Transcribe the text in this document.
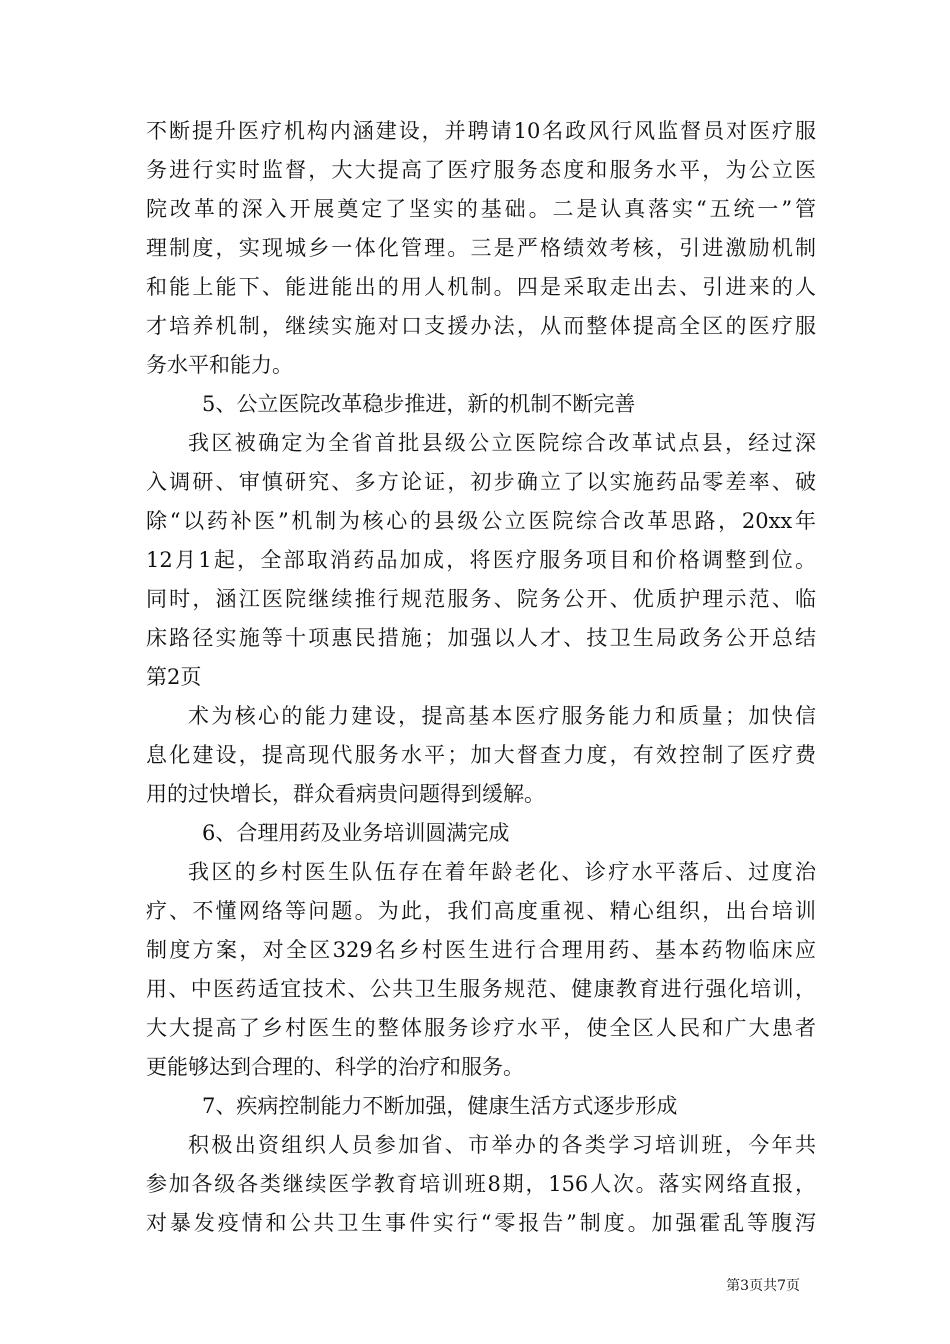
不断提升医疗机构内涵建设，并聘请10名政风行风监督员对医疗服
务进行实时监督，大大提高了医疗服务态度和服务水平，为公立医
院改革的深入开展奠定了坚实的基础。二是认真落实“五统一”管
理制度，实现城乡一体化管理。三是严格绩效考核，引进激励机制
和能上能下、能进能出的用人机制。四是采取走出去、引进来的人
才培养机制，继续实施对口支援办法，从而整体提高全区的医疗服
务水平和能力。
5、公立医院改革稳步推进，新的机制不断完善
我区被确定为全省首批县级公立医院综合改革试点县，经过深
入调研、审慎研究、多方论证，初步确立了以实施药品零差率、破
除“以药补医”机制为核心的县级公立医院综合改革思路，20xx年
12月1起，全部取消药品加成，将医疗服务项目和价格调整到位。
同时，涵江医院继续推行规范服务、院务公开、优质护理示范、临
床路径实施等十项惠民措施；加强以人才、技卫生局政务公开总结
第2页
术为核心的能力建设，提高基本医疗服务能力和质量；加快信
息化建设，提高现代服务水平；加大督查力度，有效控制了医疗费
用的过快增长，群众看病贵问题得到缓解。
6、合理用药及业务培训圆满完成
我区的乡村医生队伍存在着年龄老化、诊疗水平落后、过度治
疗、不懂网络等问题。为此，我们高度重视、精心组织，出台培训
制度方案，对全区329名乡村医生进行合理用药、基本药物临床应
用、中医药适宜技术、公共卫生服务规范、健康教育进行强化培训，
大大提高了乡村医生的整体服务诊疗水平，使全区人民和广大患者
更能够达到合理的、科学的治疗和服务。
7、疾病控制能力不断加强，健康生活方式逐步形成
积极出资组织人员参加省、市举办的各类学习培训班，今年共
参加各级各类继续医学教育培训班8期，156人次。落实网络直报，
对暴发疫情和公共卫生事件实行“零报告”制度。加强霍乱等腹泻
第3页共7页
